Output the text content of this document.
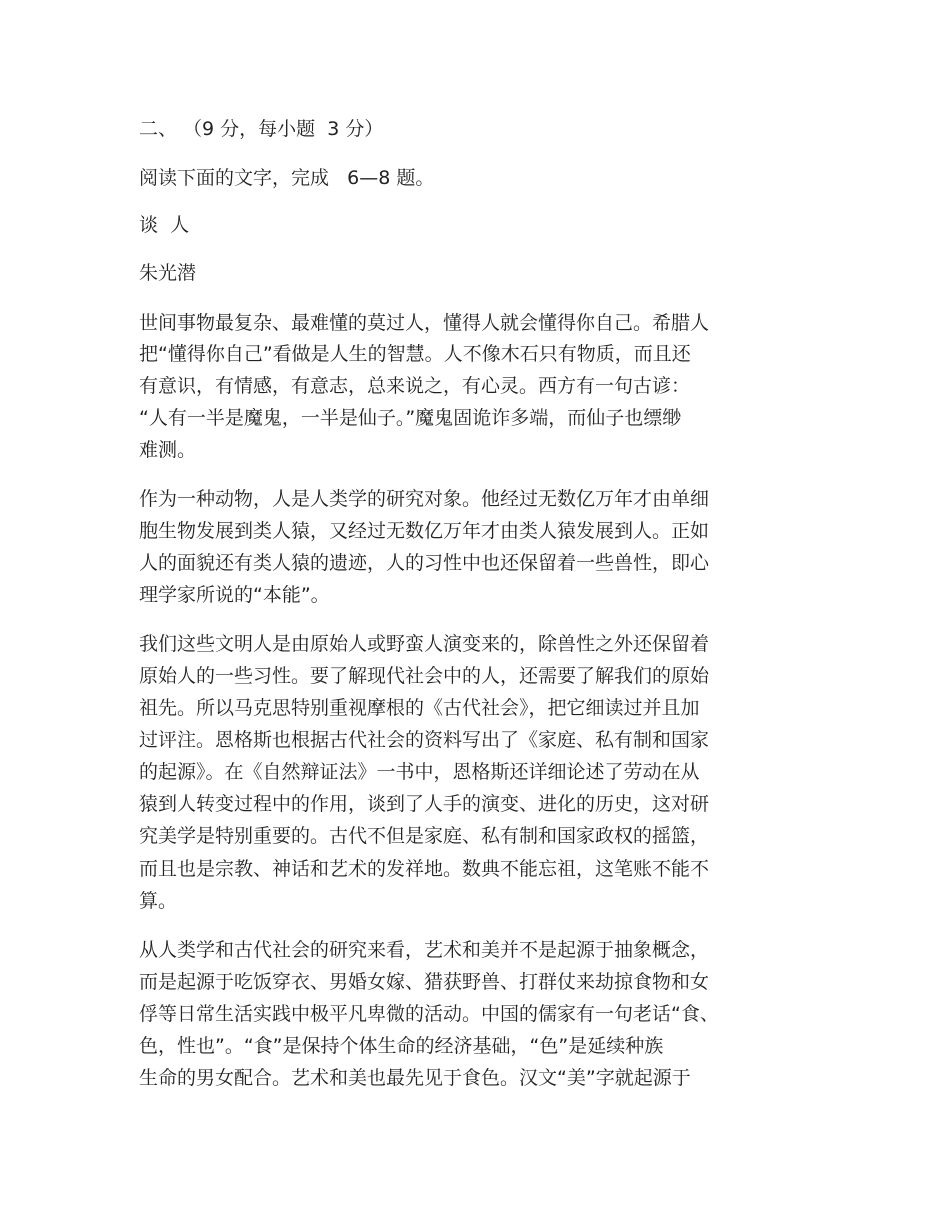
二、 （9 分，每小题  3 分）

阅读下面的文字，完成   6—8 题。

谈  人

朱光潜

世间事物最复杂、最难懂的莫过人，懂得人就会懂得你自己。希腊人

把“懂得你自己”看做是人生的智慧。人不像木石只有物质，而且还

有意识，有情感，有意志，总来说之，有心灵。西方有一句古谚：

“人有一半是魔鬼，一半是仙子。”魔鬼固诡诈多端，而仙子也缥缈

难测。

作为一种动物，人是人类学的研究对象。他经过无数亿万年才由单细

胞生物发展到类人猿，又经过无数亿万年才由类人猿发展到人。正如

人的面貌还有类人猿的遗迹，人的习性中也还保留着一些兽性，即心

理学家所说的“本能”。

我们这些文明人是由原始人或野蛮人演变来的，除兽性之外还保留着

原始人的一些习性。要了解现代社会中的人，还需要了解我们的原始

祖先。所以马克思特别重视摩根的《古代社会》，把它细读过并且加

过评注。恩格斯也根据古代社会的资料写出了《家庭、私有制和国家

的起源》。在《自然辩证法》一书中，恩格斯还详细论述了劳动在从

猿到人转变过程中的作用，谈到了人手的演变、进化的历史，这对研

究美学是特别重要的。古代不但是家庭、私有制和国家政权的摇篮，

而且也是宗教、神话和艺术的发祥地。数典不能忘祖，这笔账不能不

算。

从人类学和古代社会的研究来看，艺术和美并不是起源于抽象概念，

而是起源于吃饭穿衣、男婚女嫁、猎获野兽、打群仗来劫掠食物和女

俘等日常生活实践中极平凡卑微的活动。中国的儒家有一句老话“食、

色，性也”。“食”是保持个体生命的经济基础，“色”是延续种族

生命的男女配合。艺术和美也最先见于食色。汉文“美”字就起源于
